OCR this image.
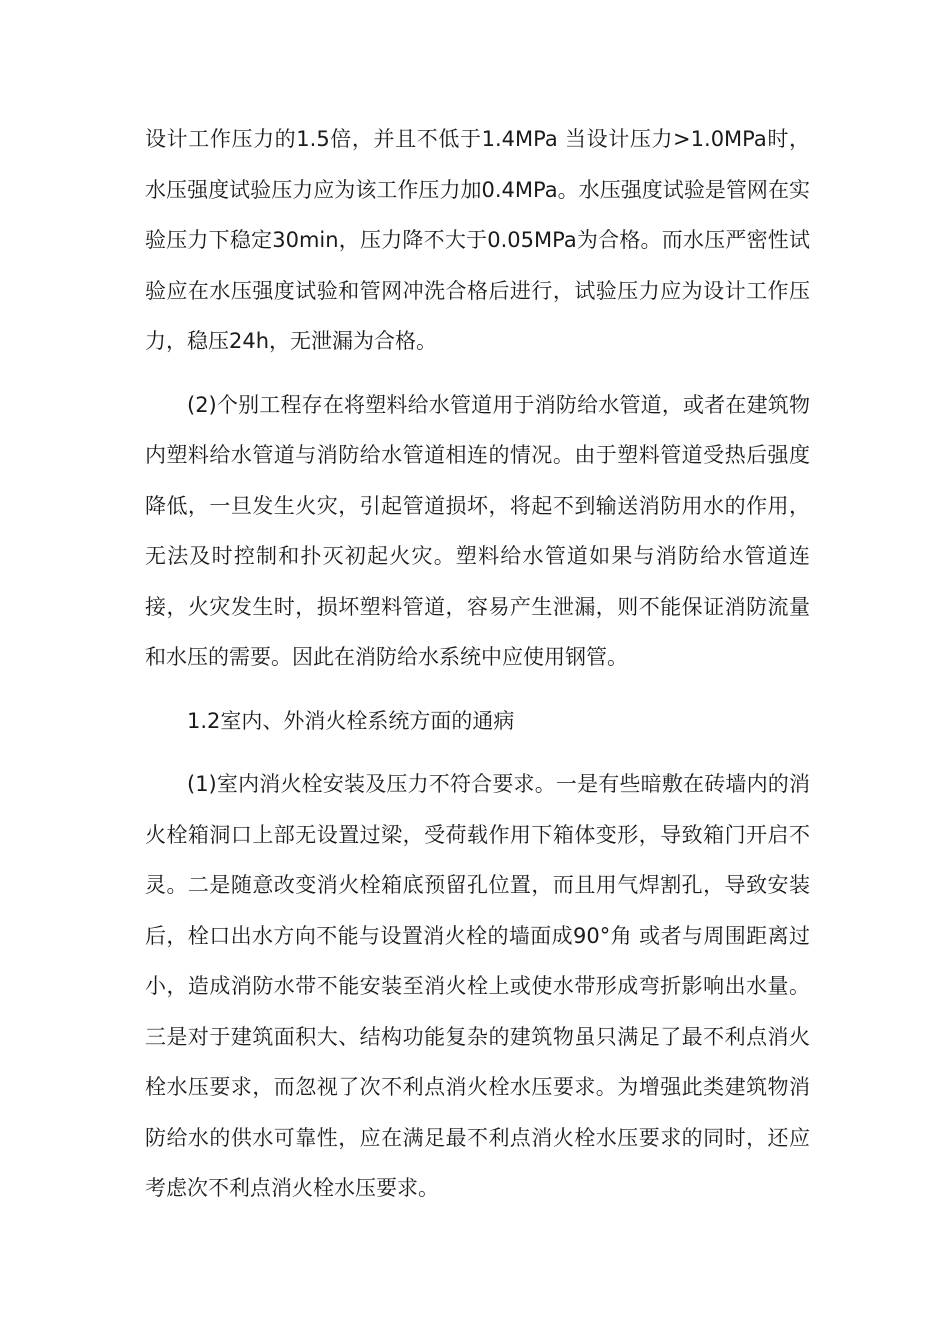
设计工作压力的1.5倍，并且不低于1.4MPa 当设计压力>1.0MPa时，水压强度试验压力应为该工作压力加0.4MPa。水压强度试验是管网在实验压力下稳定30min，压力降不大于0.05MPa为合格。而水压严密性试验应在水压强度试验和管网冲洗合格后进行，试验压力应为设计工作压力，稳压24h，无泄漏为合格。

(2)个别工程存在将塑料给水管道用于消防给水管道，或者在建筑物内塑料给水管道与消防给水管道相连的情况。由于塑料管道受热后强度降低，一旦发生火灾，引起管道损坏，将起不到输送消防用水的作用，无法及时控制和扑灭初起火灾。塑料给水管道如果与消防给水管道连接，火灾发生时，损坏塑料管道，容易产生泄漏，则不能保证消防流量和水压的需要。因此在消防给水系统中应使用钢管。

1.2室内、外消火栓系统方面的通病

(1)室内消火栓安装及压力不符合要求。一是有些暗敷在砖墙内的消火栓箱洞口上部无设置过梁，受荷载作用下箱体变形，导致箱门开启不灵。二是随意改变消火栓箱底预留孔位置，而且用气焊割孔，导致安装后，栓口出水方向不能与设置消火栓的墙面成90°角 或者与周围距离过小，造成消防水带不能安装至消火栓上或使水带形成弯折影响出水量。三是对于建筑面积大、结构功能复杂的建筑物虽只满足了最不利点消火栓水压要求，而忽视了次不利点消火栓水压要求。为增强此类建筑物消防给水的供水可靠性，应在满足最不利点消火栓水压要求的同时，还应考虑次不利点消火栓水压要求。
